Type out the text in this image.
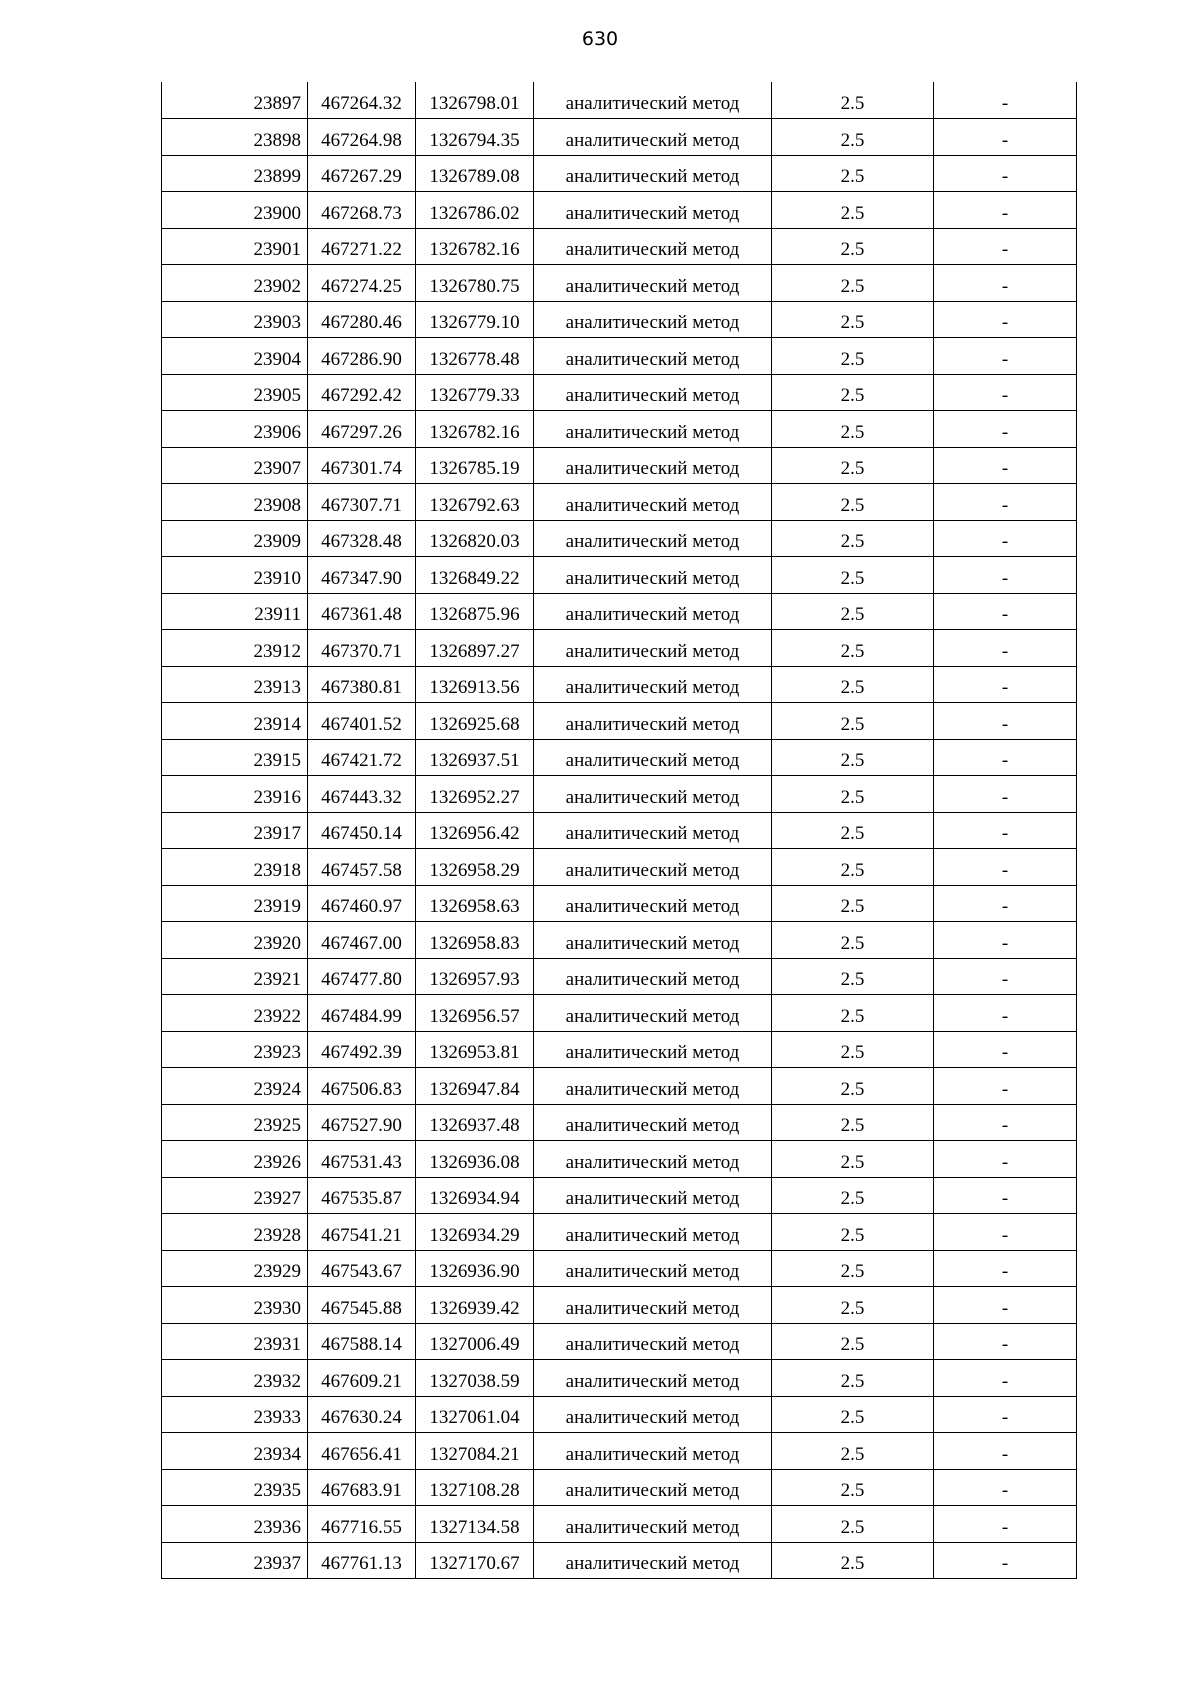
630
23897	467264.32	1326798.01	аналитический метод	2.5	-
23898	467264.98	1326794.35	аналитический метод	2.5	-
23899	467267.29	1326789.08	аналитический метод	2.5	-
23900	467268.73	1326786.02	аналитический метод	2.5	-
23901	467271.22	1326782.16	аналитический метод	2.5	-
23902	467274.25	1326780.75	аналитический метод	2.5	-
23903	467280.46	1326779.10	аналитический метод	2.5	-
23904	467286.90	1326778.48	аналитический метод	2.5	-
23905	467292.42	1326779.33	аналитический метод	2.5	-
23906	467297.26	1326782.16	аналитический метод	2.5	-
23907	467301.74	1326785.19	аналитический метод	2.5	-
23908	467307.71	1326792.63	аналитический метод	2.5	-
23909	467328.48	1326820.03	аналитический метод	2.5	-
23910	467347.90	1326849.22	аналитический метод	2.5	-
23911	467361.48	1326875.96	аналитический метод	2.5	-
23912	467370.71	1326897.27	аналитический метод	2.5	-
23913	467380.81	1326913.56	аналитический метод	2.5	-
23914	467401.52	1326925.68	аналитический метод	2.5	-
23915	467421.72	1326937.51	аналитический метод	2.5	-
23916	467443.32	1326952.27	аналитический метод	2.5	-
23917	467450.14	1326956.42	аналитический метод	2.5	-
23918	467457.58	1326958.29	аналитический метод	2.5	-
23919	467460.97	1326958.63	аналитический метод	2.5	-
23920	467467.00	1326958.83	аналитический метод	2.5	-
23921	467477.80	1326957.93	аналитический метод	2.5	-
23922	467484.99	1326956.57	аналитический метод	2.5	-
23923	467492.39	1326953.81	аналитический метод	2.5	-
23924	467506.83	1326947.84	аналитический метод	2.5	-
23925	467527.90	1326937.48	аналитический метод	2.5	-
23926	467531.43	1326936.08	аналитический метод	2.5	-
23927	467535.87	1326934.94	аналитический метод	2.5	-
23928	467541.21	1326934.29	аналитический метод	2.5	-
23929	467543.67	1326936.90	аналитический метод	2.5	-
23930	467545.88	1326939.42	аналитический метод	2.5	-
23931	467588.14	1327006.49	аналитический метод	2.5	-
23932	467609.21	1327038.59	аналитический метод	2.5	-
23933	467630.24	1327061.04	аналитический метод	2.5	-
23934	467656.41	1327084.21	аналитический метод	2.5	-
23935	467683.91	1327108.28	аналитический метод	2.5	-
23936	467716.55	1327134.58	аналитический метод	2.5	-
23937	467761.13	1327170.67	аналитический метод	2.5	-
